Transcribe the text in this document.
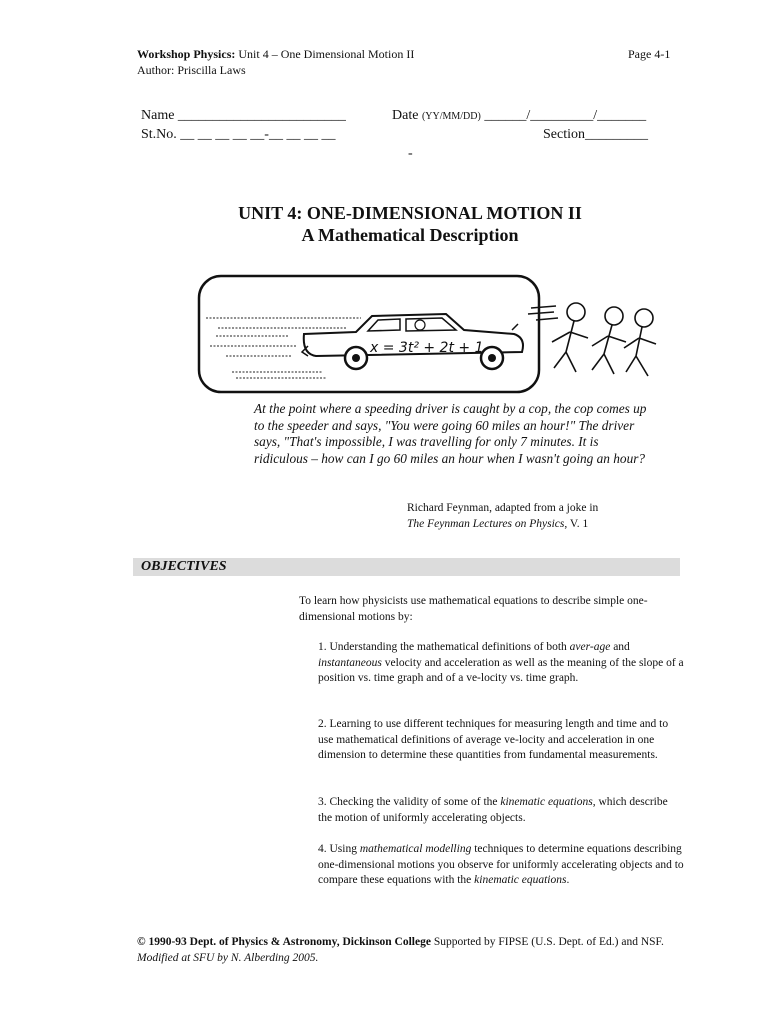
Workshop Physics: Unit 4 – One Dimensional Motion II
Author: Priscilla Laws
Page 4-1
Name ________________________
St.No. __ __ __ __ __-__ __ __ __
Date (YY/MM/DD) ______/_________/_______
Section_________
-
UNIT 4: ONE-DIMENSIONAL MOTION II
A Mathematical Description
x = 3t² + 2t + 1
At the point where a speeding driver is caught by a cop, the cop comes up to the speeder and says, "You were going 60 miles an hour!" The driver says, "That's impossible, I was travelling for only 7 minutes. It is ridiculous – how can I go 60 miles an hour when I wasn't going an hour?
Richard Feynman, adapted from a joke in
The Feynman Lectures on Physics, V. 1
OBJECTIVES
To learn how physicists use mathematical equations to describe simple one-dimensional motions by:
1. Understanding the mathematical definitions of both aver-age and instantaneous velocity and acceleration as well as the meaning of the slope of a position vs. time graph and of a ve-locity vs. time graph.
2. Learning to use different techniques for measuring length and time and to use mathematical definitions of average ve-locity and acceleration in one dimension to determine these quantities from fundamental measurements.
3. Checking the validity of some of the kinematic equations, which describe the motion of uniformly accelerating objects.
4. Using mathematical modelling techniques to determine equations describing one-dimensional motions you observe for uniformly accelerating objects and to compare these equations with the kinematic equations.
© 1990-93 Dept. of Physics & Astronomy, Dickinson College Supported by FIPSE (U.S. Dept. of Ed.) and NSF. Modified at SFU by N. Alberding 2005.
